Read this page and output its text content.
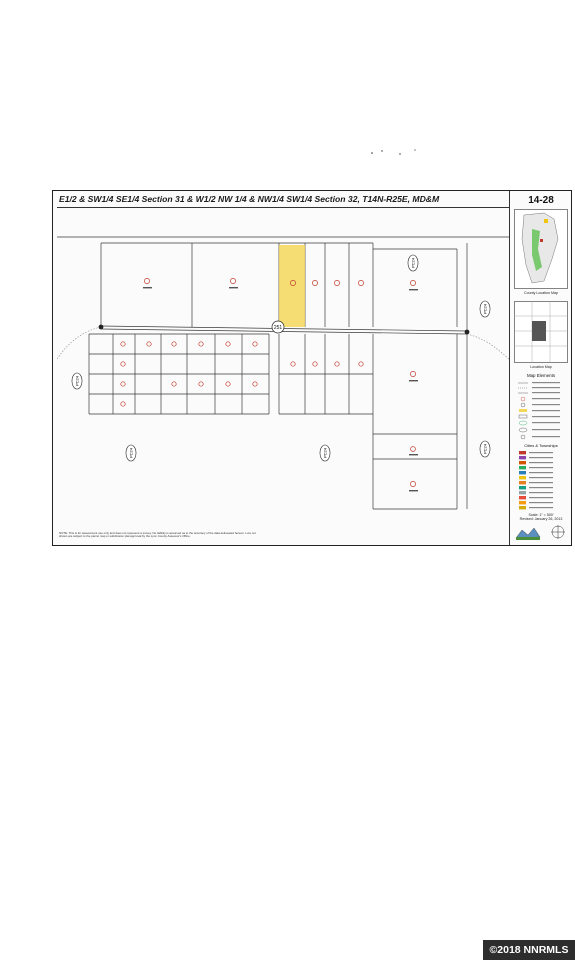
E1/2 & SW1/4 SE1/4 Section 31 & W1/2 NW 1/4 & NW1/4 SW1/4 Section 32, T14N-R25E, MD&M
251
PC24
PC24
PC24
PC24	PC24	PC24
14-28
County Location Map
Location Map
Map Elements
Cities & Townships
Scale: 1" = 500'
Revised: January 26, 2013
NOTE: This is for assessment use only and does not represent a survey. No liability is assumed as to the accuracy of the data delineated hereon. Lots not shown are subject to the parcel map or subdivision plat approval by the Lyon County Assessor's Office.
©2018 NNRMLS
